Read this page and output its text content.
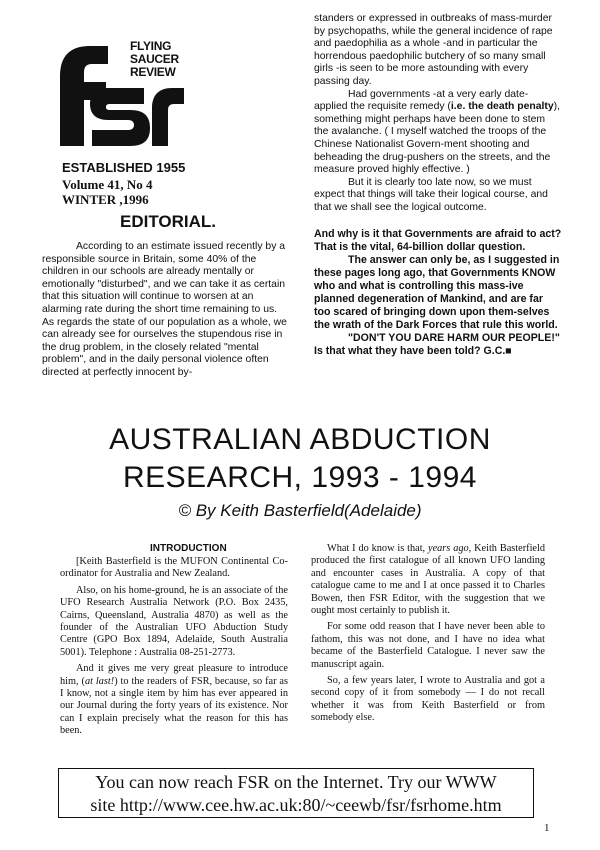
FLYING
SAUCER
REVIEW
ESTABLISHED 1955
Volume 41, No 4
WINTER ,1996
EDITORIAL.

According to an estimate issued recently by a responsible source in Britain, some 40% of the children in our schools are already mentally or emotionally "disturbed", and we can take it as certain that this situation will continue to worsen at an alarming rate during the short time remaining to us. As regards the state of our population as a whole, we can already see for ourselves the stupendous rise in the drug problem, in the closely related "mental problem", and in the daily personal violence often directed at perfectly innocent by-

standers or expressed in outbreaks of mass-murder by psychopaths, while the general incidence of rape and paedophilia as a whole -and in particular the horrendous paedophilic butchery of so many small girls -is seen to be more astounding with every passing day.

Had governments -at a very early date- applied the requisite remedy (i.e. the death penalty), something might perhaps have been done to stem the avalanche. ( I myself watched the troops of the Chinese Nationalist Govern-ment shooting and beheading the drug-pushers on the streets, and the measure proved highly effective. )

But it is clearly too late now, so we must expect that things will take their logical course, and that we shall see the logical outcome.

And why is it that Governments are afraid to act? That is the vital, 64-billion dollar question.

The answer can only be, as I suggested in these pages long ago, that Governments KNOW who and what is controlling this mass-ive planned degeneration of Mankind, and are far too scared of bringing down upon them-selves the wrath of the Dark Forces that rule this world.

"DON'T YOU DARE HARM OUR PEOPLE!" Is that what they have been told? G.C.■

AUSTRALIAN ABDUCTION
RESEARCH, 1993 - 1994
© By Keith Basterfield(Adelaide)
INTRODUCTION

[Keith Basterfield is the MUFON Continental Co-ordinator for Australia and New Zealand.

Also, on his home-ground, he is an associate of the UFO Research Australia Network (P.O. Box 2435, Cairns, Queensland, Australia 4870) as well as the founder of the Australian UFO Abduction Study Centre (GPO Box 1894, Adelaide, South Australia 5001). Telephone : Australia 08-251-2773.

And it gives me very great pleasure to introduce him, (at last!) to the readers of FSR, because, so far as I know, not a single item by him has ever appeared in our Journal during the forty years of its existence. Nor can I explain precisely what the reason for this has been.

What I do know is that, years ago, Keith Basterfield produced the first catalogue of all known UFO landing and encounter cases in Australia. A copy of that catalogue came to me and I at once passed it to Charles Bowen, then FSR Editor, with the suggestion that we ought most certainly to publish it.

For some odd reason that I have never been able to fathom, this was not done, and I have no idea what became of the Basterfield Catalogue. I never saw the manuscript again.

So, a few years later, I wrote to Australia and got a second copy of it from somebody — I do not recall whether it was from Keith Basterfield or from somebody else.

You can now reach FSR on the Internet. Try our WWW
site http://www.cee.hw.ac.uk:80/~ceewb/fsr/fsrhome.htm
1
